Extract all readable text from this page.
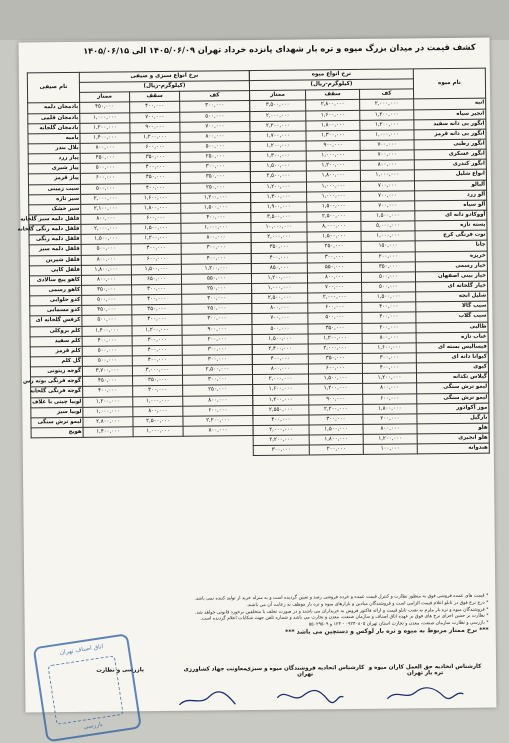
کشف قیمت در میدان بزرگ میوه و تره بار شهدای پانزده خرداد تهران ۱۴۰۵/۰۶/۰۹ الی ۱۴۰۵/۰۶/۱۵
نام میوه	نرخ انواع میوه		
	(کیلوگرم-ریال)		
	کف	سقف	ممتاز
انبه	۲,۰۰۰,۰۰۰	۲,۸۰۰,۰۰۰	۳,۵۰۰,۰۰۰
انجیر سیاه	۱,۲۰۰,۰۰۰	۱,۶۰۰,۰۰۰	۲,۰۰۰,۰۰۰
انگور بی دانه سفید	۱,۲۰۰,۰۰۰	۱,۸۰۰,۰۰۰	۲,۲۰۰,۰۰۰
انگور بی دانه قرمز	۱,۰۰۰,۰۰۰	۱,۳۰۰,۰۰۰	۱,۷۰۰,۰۰۰
انگور رطبی	۷۰۰,۰۰۰	۹۰۰,۰۰۰	۱,۲۰۰,۰۰۰
انگور عسکری	۷۰۰,۰۰۰	۱,۰۰۰,۰۰۰	۱,۳۰۰,۰۰۰
انگور کندری	۸۰۰,۰۰۰	۱,۲۰۰,۰۰۰	۱,۵۰۰,۰۰۰
انواع شلیل	۱,۰۰۰,۰۰۰	۱,۸۰۰,۰۰۰	۲,۵۰۰,۰۰۰
آلبالو	۷۰۰,۰۰۰	۱,۰۰۰,۰۰۰	۱,۲۰۰,۰۰۰
آلو زرد	۷۰۰,۰۰۰	۱,۰۰۰,۰۰۰	۱,۳۰۰,۰۰۰
آلو سیاه	۷۰۰,۰۰۰	۱,۵۰۰,۰۰۰	۱,۹۰۰,۰۰۰
آووکادو دانه ای	۱,۵۰۰,۰۰۰	۲,۵۰۰,۰۰۰	۳,۵۰۰,۰۰۰
پسته تازه	۵,۰۰۰,۰۰۰	۸,۰۰۰,۰۰۰	۱۰,۰۰۰,۰۰۰
توت فرنگی کرج	۱,۰۰۰,۰۰۰	۱,۵۰۰,۰۰۰	۲,۰۰۰,۰۰۰
جانا	۱۵۰,۰۰۰	۲۵۰,۰۰۰	۳۵۰,۰۰۰
خربزه	۲۰۰,۰۰۰	۳۰۰,۰۰۰	۴۰۰,۰۰۰
خیار رسمی	۳۵۰,۰۰۰	۵۵۰,۰۰۰	۸۵۰,۰۰۰
خیار بینی اصفهان	۵۰۰,۰۰۰	۸۰۰,۰۰۰	۱,۲۰۰,۰۰۰
خیار گلخانه ای	۵۰۰,۰۰۰	۷۰۰,۰۰۰	۱,۰۰۰,۰۰۰
شلیل انجه	۱,۵۰۰,۰۰۰	۲,۰۰۰,۰۰۰	۲,۵۰۰,۰۰۰
سیب گالا	۴۰۰,۰۰۰	۶۰۰,۰۰۰	۸۰۰,۰۰۰
سیب گلاب	۳۰۰,۰۰۰	۵۰۰,۰۰۰	۷۰۰,۰۰۰
طالبی	۲۰۰,۰۰۰	۳۵۰,۰۰۰	۵۰۰,۰۰۰
عناب تازه	۸۰۰,۰۰۰	۱,۲۰۰,۰۰۰	۱,۵۰۰,۰۰۰
فیسالیس بسته ای	۱,۶۰۰,۰۰۰	۲,۰۰۰,۰۰۰	۲,۴۰۰,۰۰۰
کیوانا دانه ای	۳۰۰,۰۰۰	۳۵۰,۰۰۰	۴۰۰,۰۰۰
کیوی	۴۰۰,۰۰۰	۶۰۰,۰۰۰	۸۰۰,۰۰۰
گیلاس تکدانه	۱,۲۰۰,۰۰۰	۱,۵۰۰,۰۰۰	۲,۰۰۰,۰۰۰
لیمو ترش سنگی	۸۰۰,۰۰۰	۱,۲۰۰,۰۰۰	۱,۶۰۰,۰۰۰
لیمو ترش سنگی	۶۰۰,۰۰۰	۹۰۰,۰۰۰	۱,۲۰۰,۰۰۰
موز آکوادور	۱,۸۰۰,۰۰۰	۲,۲۰۰,۰۰۰	۲,۵۵۰,۰۰۰
نارگیل	۲۰۰,۰۰۰	۳۰۰,۰۰۰	۴۰۰,۰۰۰
هلو	۸۰۰,۰۰۰	۱,۵۰۰,۰۰۰	۲,۰۰۰,۰۰۰
هلو انجیری	۱,۲۰۰,۰۰۰	۱,۸۰۰,۰۰۰	۲,۲۰۰,۰۰۰
هندوانه	۱۰۰,۰۰۰	۲۰۰,۰۰۰	۳۰۰,۰۰۰
نرخ انواع سبزی و صیفی			نام صیفی
(کیلوگرم-ریال)			
کف	سقف	ممتاز	
۳۰۰,۰۰۰	۴۰۰,۰۰۰	۴۵۰,۰۰۰	بادمجان دلمه
۵۰۰,۰۰۰	۷۰۰,۰۰۰	۱,۰۰۰,۰۰۰	بادمجان قلمی
۷۰۰,۰۰۰	۹۰۰,۰۰۰	۱,۲۰۰,۰۰۰	بادمجان گلخانه
۸۰۰,۰۰۰	۱,۲۰۰,۰۰۰	۱,۴۰۰,۰۰۰	بامیه
۵۰۰,۰۰۰	۶۰۰,۰۰۰	۸۰۰,۰۰۰	بلال بندر
۲۵۰,۰۰۰	۳۵۰,۰۰۰	۴۵۰,۰۰۰	پیاز زرد
۳۰۰,۰۰۰	۴۰۰,۰۰۰	۵۰۰,۰۰۰	پیاز شیری
۳۵۰,۰۰۰	۴۵۰,۰۰۰	۶۰۰,۰۰۰	پیاز قرمز
۲۵۰,۰۰۰	۴۰۰,۰۰۰	۵۰۰,۰۰۰	سیب زمینی
۱,۲۰۰,۰۰۰	۱,۶۰۰,۰۰۰	۲,۰۰۰,۰۰۰	سیر تازه
۱,۵۰۰,۰۰۰	۱,۸۰۰,۰۰۰	۲,۱۰۰,۰۰۰	سیر خشک
۴۰۰,۰۰۰	۶۰۰,۰۰۰	۸۰۰,۰۰۰	فلفل دلمه سبز گلخانه
۱,۰۰۰,۰۰۰	۱,۵۰۰,۰۰۰	۲,۰۰۰,۰۰۰	فلفل دلمه رنگی گلخانه
۸۰۰,۰۰۰	۱,۲۰۰,۰۰۰	۱,۵۰۰,۰۰۰	فلفل دلمه رنگی
۳۰۰,۰۰۰	۴۰۰,۰۰۰	۵۰۰,۰۰۰	فلفل دلمه سبز
۴۰۰,۰۰۰	۶۰۰,۰۰۰	۸۰۰,۰۰۰	فلفل شیرین
۱,۲۰۰,۰۰۰	۱,۵۰۰,۰۰۰	۱,۸۰۰,۰۰۰	فلفل کاپی
۵۵۰,۰۰۰	۶۵۰,۰۰۰	۸۰۰,۰۰۰	کاهو پیچ سالادی
۲۵۰,۰۰۰	۳۰۰,۰۰۰	۳۵۰,۰۰۰	کاهو رسمی
۳۰۰,۰۰۰	۴۰۰,۰۰۰	۵۰۰,۰۰۰	کدو حلوایی
۲۵۰,۰۰۰	۳۵۰,۰۰۰	۴۵۰,۰۰۰	کدو مسمایی
۳۰۰,۰۰۰	۴۰۰,۰۰۰	۵۰۰,۰۰۰	کرفس گلخانه ای
۹۰۰,۰۰۰	۱,۲۰۰,۰۰۰	۱,۴۰۰,۰۰۰	کلم بروکلی
۲۰۰,۰۰۰	۳۰۰,۰۰۰	۴۰۰,۰۰۰	کلم سفید
۳۰۰,۰۰۰	۴۰۰,۰۰۰	۵۰۰,۰۰۰	کلم قرمز
۳۰۰,۰۰۰	۴۰۰,۰۰۰	۵۰۰,۰۰۰	گل کلم
۲,۵۰۰,۰۰۰	۳,۰۰۰,۰۰۰	۳,۷۰۰,۰۰۰	گوجه زیتونی
۳۰۰,۰۰۰	۳۵۰,۰۰۰	۴۵۰,۰۰۰	گوجه فرنگی بوته رس
۲۵۰,۰۰۰	۳۰۰,۰۰۰	۴۰۰,۰۰۰	گوجه فرنگی گلخانه
۸۰۰,۰۰۰	۱,۰۰۰,۰۰۰	۱,۲۰۰,۰۰۰	لوبیا چیتی با غلاف
۶۰۰,۰۰۰	۸۰۰,۰۰۰	۱,۰۰۰,۰۰۰	لوبیا سبز
۲,۲۰۰,۰۰۰	۲,۵۰۰,۰۰۰	۲,۸۰۰,۰۰۰	لیمو ترش سنگی
۸۰۰,۰۰۰	۱,۰۰۰,۰۰۰	۱,۴۰۰,۰۰۰	هویج
* قیمت های عمده فروشی فوق به منظور نظارت و کنترل قیمت عمده و خرده فروشی رصد و تعیین گردیده است و به منزله خرید از تولید کننده نمی باشد.
* درج نرخ فوق در تابلو اعلام قیمت الزامی است و فروشندگان میادین و بازارهای میوه و تره بار موظف به رعایت آن می باشند.
* فروشندگان میوه و تره بار ملزم به نصب تابلو قیمت و ارائه فاکتور فروش به خریداران می باشند و در صورت تخلف با متخلفین برخورد قانونی خواهد شد.
* نظارت بر حسن اجرای نرخ های فوق بر عهده اتاق اصناف و سازمان صنعت، معدن و تجارت می باشد و شماره تلفن جهت شکایات اعلام گردیده است.
* بازرسی و نظارت سازمان صنعت، معدن و تجارت استان تهران ۰۹۲۴۰۸۰۵ - ۱۲۴ و ۵۵۰۲۹۵۰۹
*** نرخ ممتاز مربوط به میوه و تره بار لوکس و دستچین می باشد ***
کارشناس اتحادیه حق العمل کاران میوه و تره بار تهران
کارشناس اتحادیه فروشندگان میوه و سبزی تهران
معاونت جهاد کشاورزی
بازرسی و نظارت
اتاق اصناف تهران
بازرسی
